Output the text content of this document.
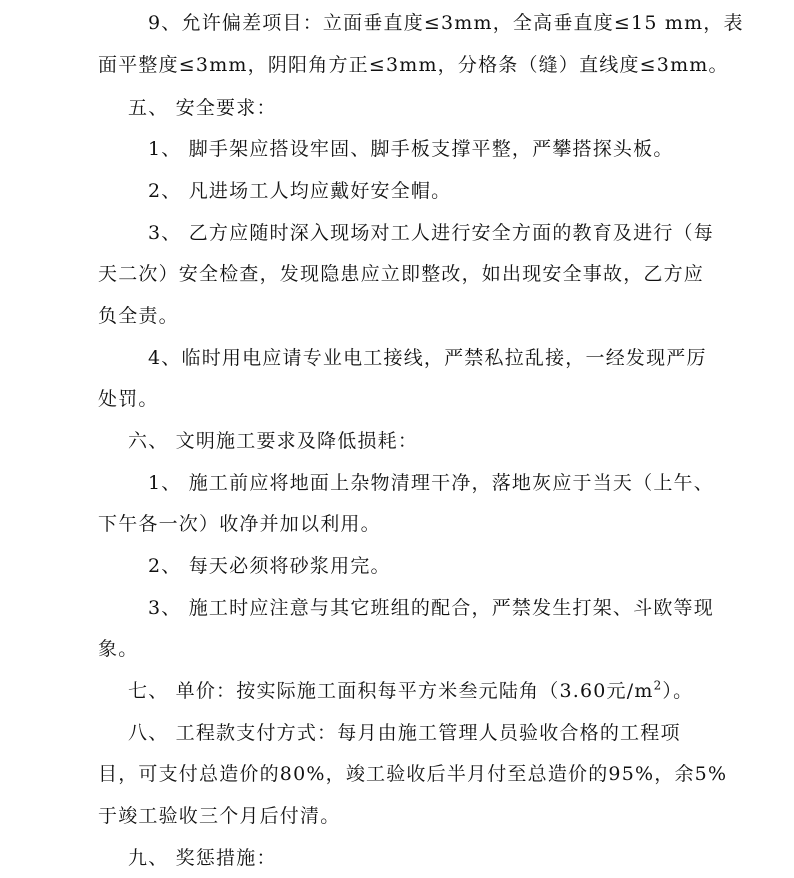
9、允许偏差项目：立面垂直度≤3mm，全高垂直度≤15 mm，表
面平整度≤3mm，阴阳角方正≤3mm，分格条（缝）直线度≤3mm。
五、 安全要求：
1、 脚手架应搭设牢固、脚手板支撑平整，严攀搭探头板。
2、 凡进场工人均应戴好安全帽。
3、 乙方应随时深入现场对工人进行安全方面的教育及进行（每
天二次）安全检查，发现隐患应立即整改，如出现安全事故，乙方应
负全责。
4、临时用电应请专业电工接线，严禁私拉乱接，一经发现严厉
处罚。
六、 文明施工要求及降低损耗：
1、 施工前应将地面上杂物清理干净，落地灰应于当天（上午、
下午各一次）收净并加以利用。
2、 每天必须将砂浆用完。
3、 施工时应注意与其它班组的配合，严禁发生打架、斗欧等现
象。
七、 单价：按实际施工面积每平方米叁元陆角（3.60元$/m^2$）。
八、 工程款支付方式：每月由施工管理人员验收合格的工程项
目，可支付总造价的80%，竣工验收后半月付至总造价的95%，余5%
于竣工验收三个月后付清。
九、 奖惩措施：
